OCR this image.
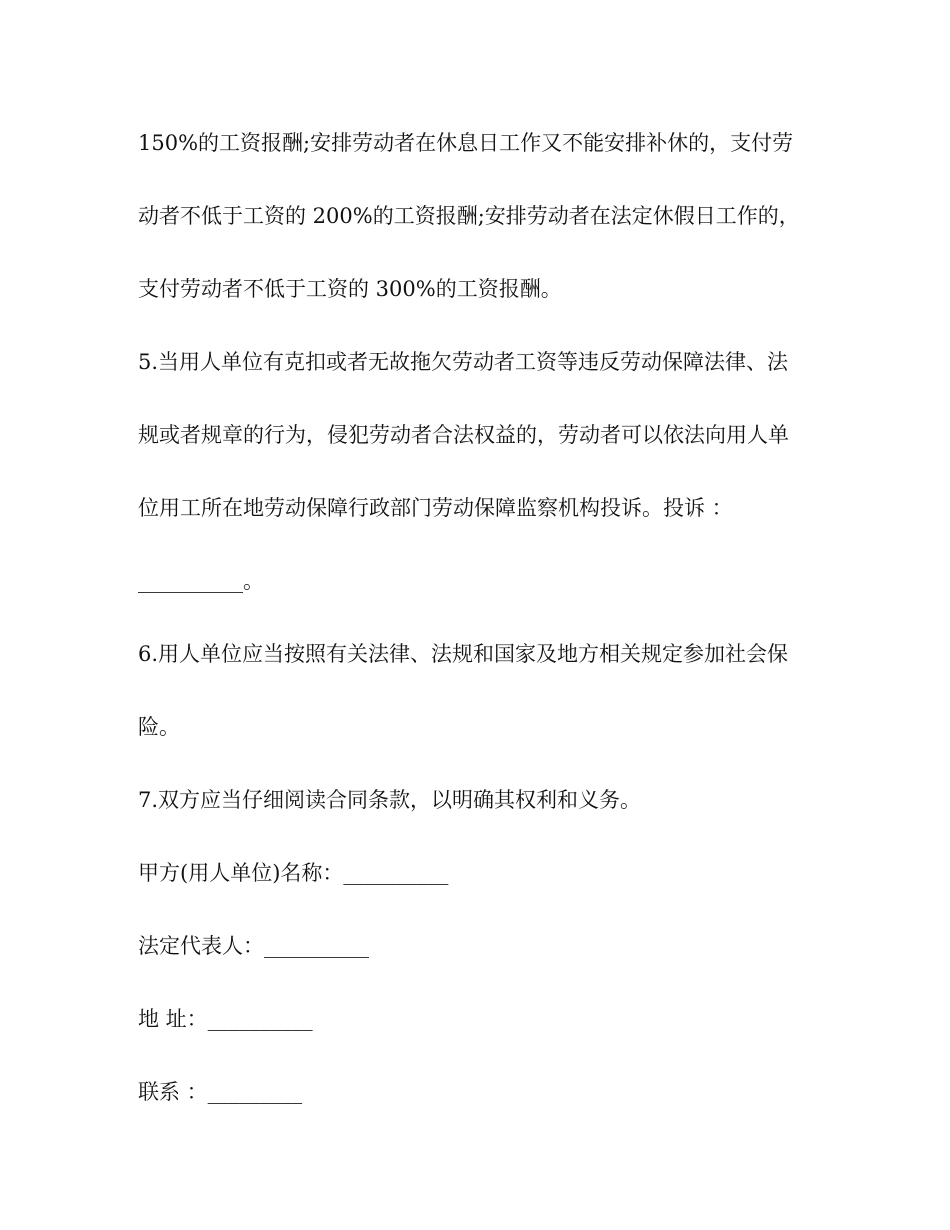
150%的工资报酬;安排劳动者在休息日工作又不能安排补休的，支付劳
动者不低于工资的 200%的工资报酬;安排劳动者在法定休假日工作的，
支付劳动者不低于工资的 300%的工资报酬。
5.当用人单位有克扣或者无故拖欠劳动者工资等违反劳动保障法律、法
规或者规章的行为，侵犯劳动者合法权益的，劳动者可以依法向用人单
位用工所在地劳动保障行政部门劳动保障监察机构投诉。投诉 ：
__________。
6.用人单位应当按照有关法律、法规和国家及地方相关规定参加社会保
险。
7.双方应当仔细阅读合同条款，以明确其权利和义务。
甲方(用人单位)名称：__________
法定代表人：__________
地 址：__________
联系 ：_________
